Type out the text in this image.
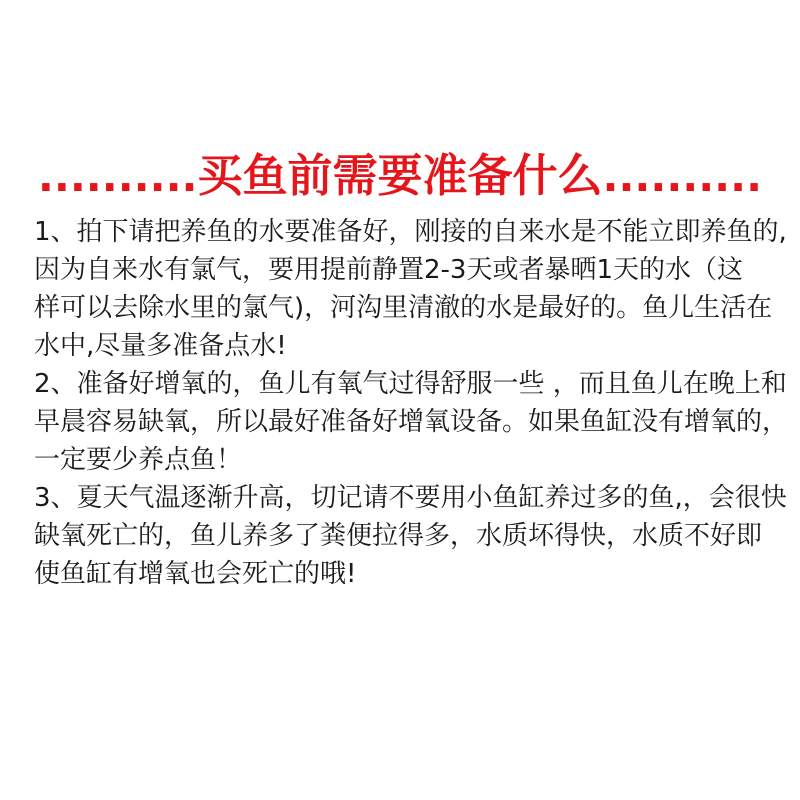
..........买鱼前需要准备什么..........
1、拍下请把养鱼的水要准备好，刚接的自来水是不能立即养鱼的,
因为自来水有氯气，要用提前静置2-3天或者暴晒1天的水（这
样可以去除水里的氯气)，河沟里清澈的水是最好的。鱼儿生活在
水中,尽量多准备点水!
2、准备好增氧的，鱼儿有氧气过得舒服一些 ，而且鱼儿在晚上和
早晨容易缺氧，所以最好准备好增氧设备。如果鱼缸没有增氧的，
一定要少养点鱼！
3、夏天气温逐渐升高，切记请不要用小鱼缸养过多的鱼,，会很快
缺氧死亡的，鱼儿养多了粪便拉得多，水质坏得快，水质不好即
使鱼缸有增氧也会死亡的哦!
